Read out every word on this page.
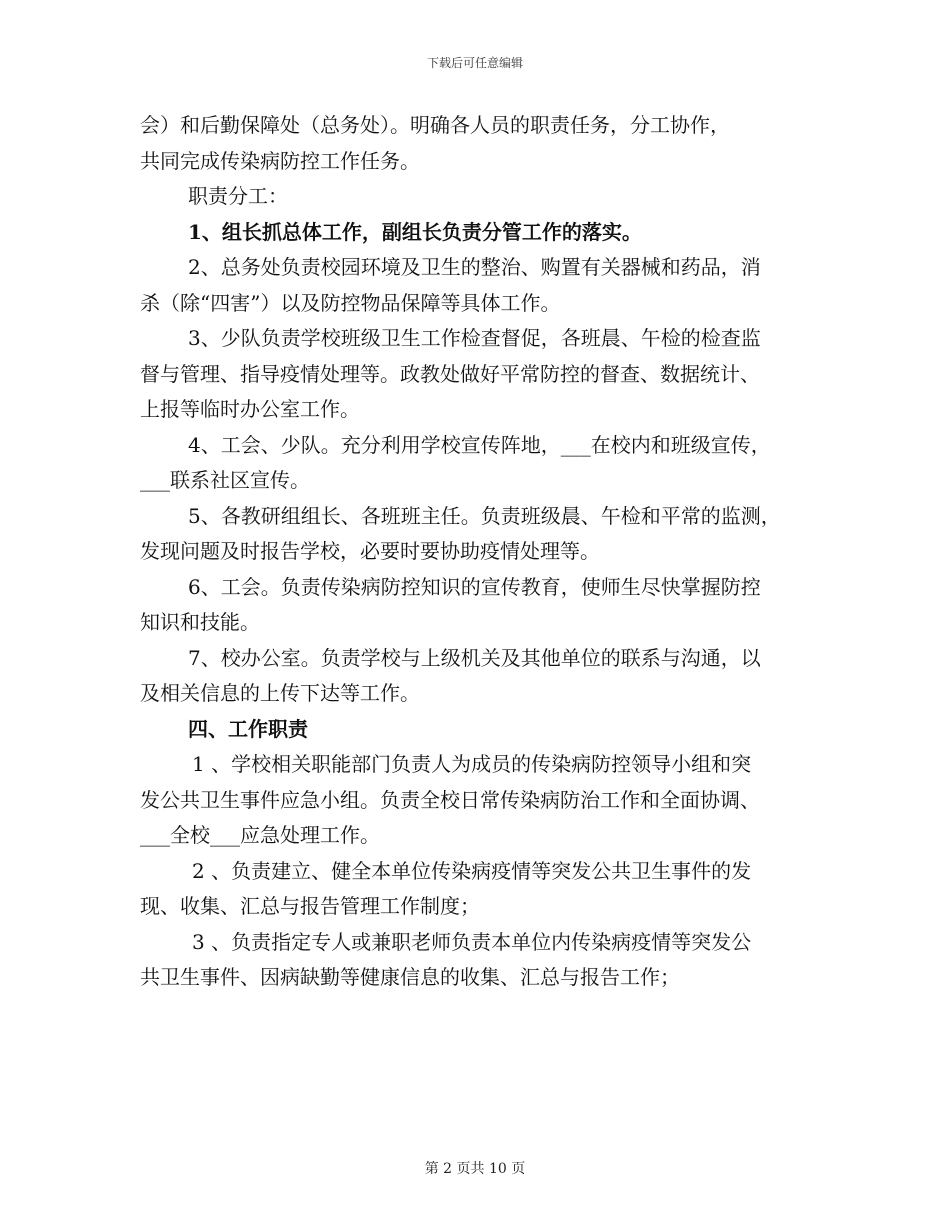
下载后可任意编辑
会）和后勤保障处（总务处）。明确各人员的职责任务，分工协作，
共同完成传染病防控工作任务。
职责分工：
1、组长抓总体工作，副组长负责分管工作的落实。
2、总务处负责校园环境及卫生的整治、购置有关器械和药品，消
杀（除“四害”）以及防控物品保障等具体工作。
3、少队负责学校班级卫生工作检查督促，各班晨、午检的检查监
督与管理、指导疫情处理等。政教处做好平常防控的督查、数据统计、
上报等临时办公室工作。
4、工会、少队。充分利用学校宣传阵地，___在校内和班级宣传，
___联系社区宣传。
5、各教研组组长、各班班主任。负责班级晨、午检和平常的监测，
发现问题及时报告学校，必要时要协助疫情处理等。
6、工会。负责传染病防控知识的宣传教育，使师生尽快掌握防控
知识和技能。
7、校办公室。负责学校与上级机关及其他单位的联系与沟通，以
及相关信息的上传下达等工作。
四、工作职责
1 、学校相关职能部门负责人为成员的传染病防控领导小组和突
发公共卫生事件应急小组。负责全校日常传染病防治工作和全面协调、
___全校___应急处理工作。
2 、负责建立、健全本单位传染病疫情等突发公共卫生事件的发
现、收集、汇总与报告管理工作制度；
3 、负责指定专人或兼职老师负责本单位内传染病疫情等突发公
共卫生事件、因病缺勤等健康信息的收集、汇总与报告工作；
第 2 页共 10 页
